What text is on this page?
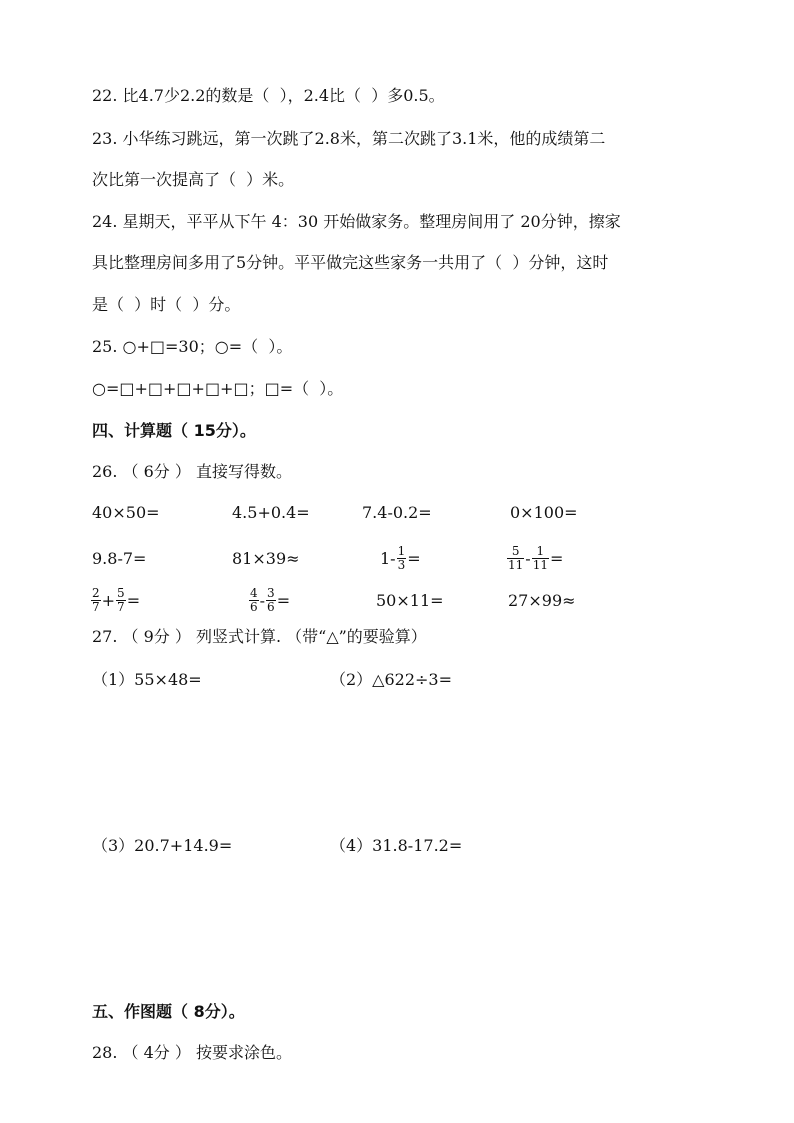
22. 比4.7少2.2的数是（  ），2.4比（  ）多0.5。
23. 小华练习跳远，第一次跳了2.8米，第二次跳了3.1米，他的成绩第二
次比第一次提高了（  ）米。
24. 星期天，平平从下午 4：30 开始做家务。整理房间用了 20分钟，擦家
具比整理房间多用了5分钟。平平做完这些家务一共用了（  ）分钟，这时
是（  ）时（  ）分。
25. ○+□=30；○=（  ）。
○=□+□+□+□+□；□=（  ）。
四、计算题（ 15分）。
26. （ 6分 ） 直接写得数。
40×50=	4.5+0.4=	7.4-0.2=	0×100=
9.8-7=	81×39≈	$1- \frac{1}{3}$ =	$\frac{5}{11} - \frac{1}{11}$ =
$\frac{2}{7} + \frac{5}{7}$ =	$\frac{4}{6} - \frac{3}{6}$ =	50×11=	27×99≈
27. （ 9分 ） 列竖式计算. （带“△”的要验算）
（1）55×48=	（2）△622÷3=
（3）20.7+14.9=	（4）31.8-17.2=
五、作图题（ 8分）。
28. （ 4分 ） 按要求涂色。
